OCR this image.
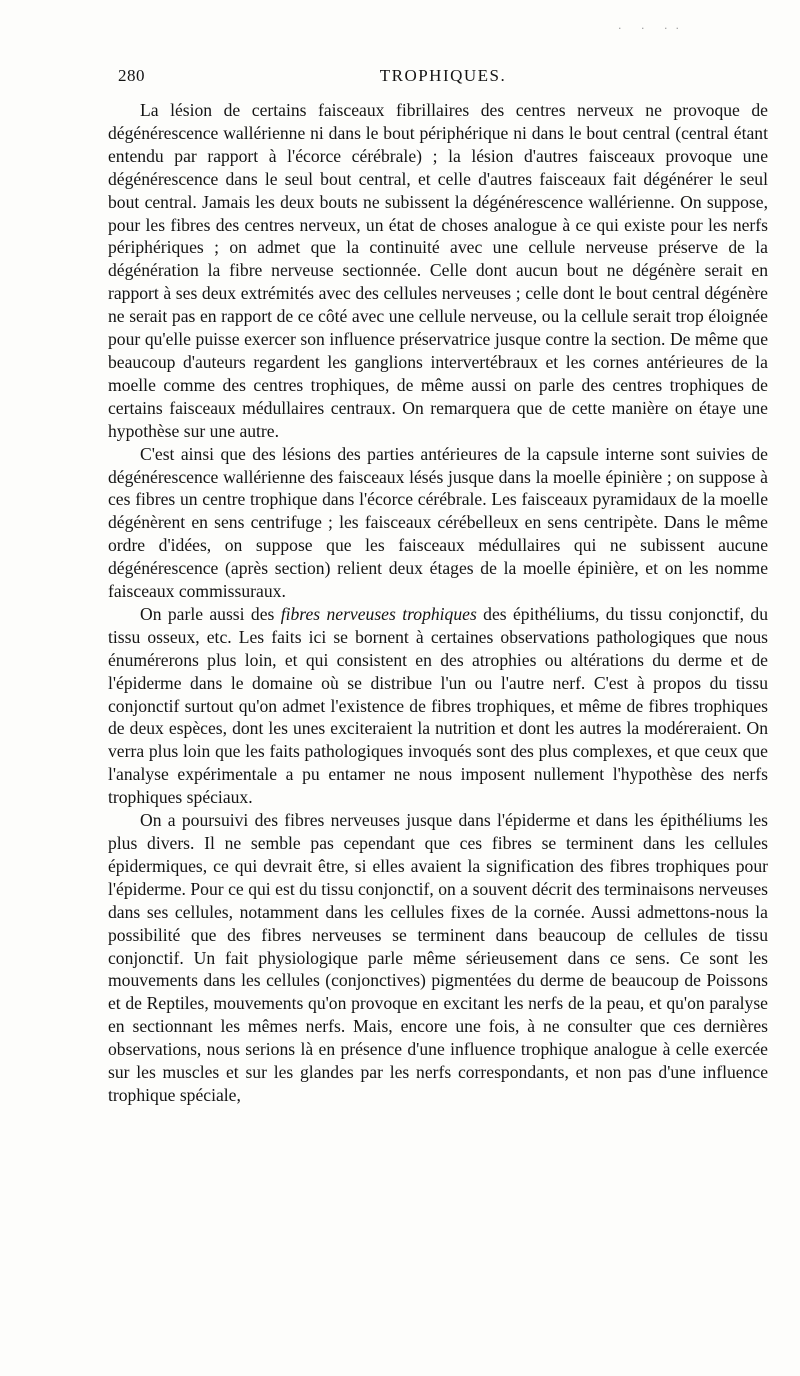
· · ··
280	TROPHIQUES.

La lésion de certains faisceaux fibrillaires des centres nerveux ne provoque de dégénérescence wallérienne ni dans le bout périphérique ni dans le bout central (central étant entendu par rapport à l'écorce cérébrale) ; la lésion d'autres faisceaux provoque une dégénérescence dans le seul bout central, et celle d'autres faisceaux fait dégénérer le seul bout central. Jamais les deux bouts ne subissent la dégénérescence wallérienne. On suppose, pour les fibres des centres nerveux, un état de choses analogue à ce qui existe pour les nerfs périphériques ; on admet que la continuité avec une cellule nerveuse préserve de la dégénération la fibre nerveuse sectionnée. Celle dont aucun bout ne dégénère serait en rapport à ses deux extrémités avec des cellules nerveuses ; celle dont le bout central dégénère ne serait pas en rapport de ce côté avec une cellule nerveuse, ou la cellule serait trop éloignée pour qu'elle puisse exercer son influence préservatrice jusque contre la section. De même que beaucoup d'auteurs regardent les ganglions intervertébraux et les cornes antérieures de la moelle comme des centres trophiques, de même aussi on parle des centres trophiques de certains faisceaux médullaires centraux. On remarquera que de cette manière on étaye une hypothèse sur une autre.

C'est ainsi que des lésions des parties antérieures de la capsule interne sont suivies de dégénérescence wallérienne des faisceaux lésés jusque dans la moelle épinière ; on suppose à ces fibres un centre trophique dans l'écorce cérébrale. Les faisceaux pyramidaux de la moelle dégénèrent en sens centrifuge ; les faisceaux cérébelleux en sens centripète. Dans le même ordre d'idées, on suppose que les faisceaux médullaires qui ne subissent aucune dégénérescence (après section) relient deux étages de la moelle épinière, et on les nomme faisceaux commissuraux.

On parle aussi des fibres nerveuses trophiques des épithéliums, du tissu conjonctif, du tissu osseux, etc. Les faits ici se bornent à certaines observations pathologiques que nous énumérerons plus loin, et qui consistent en des atrophies ou altérations du derme et de l'épiderme dans le domaine où se distribue l'un ou l'autre nerf. C'est à propos du tissu conjonctif surtout qu'on admet l'existence de fibres trophiques, et même de fibres trophiques de deux espèces, dont les unes exciteraient la nutrition et dont les autres la modéreraient. On verra plus loin que les faits pathologiques invoqués sont des plus complexes, et que ceux que l'analyse expérimentale a pu entamer ne nous imposent nullement l'hypothèse des nerfs trophiques spéciaux.

On a poursuivi des fibres nerveuses jusque dans l'épiderme et dans les épithéliums les plus divers. Il ne semble pas cependant que ces fibres se terminent dans les cellules épidermiques, ce qui devrait être, si elles avaient la signification des fibres trophiques pour l'épiderme. Pour ce qui est du tissu conjonctif, on a souvent décrit des terminaisons nerveuses dans ses cellules, notamment dans les cellules fixes de la cornée. Aussi admettons-nous la possibilité que des fibres nerveuses se terminent dans beaucoup de cellules de tissu conjonctif. Un fait physiologique parle même sérieusement dans ce sens. Ce sont les mouvements dans les cellules (conjonctives) pigmentées du derme de beaucoup de Poissons et de Reptiles, mouvements qu'on provoque en excitant les nerfs de la peau, et qu'on paralyse en sectionnant les mêmes nerfs. Mais, encore une fois, à ne consulter que ces dernières observations, nous serions là en présence d'une influence trophique analogue à celle exercée sur les muscles et sur les glandes par les nerfs correspondants, et non pas d'une influence trophique spéciale,
